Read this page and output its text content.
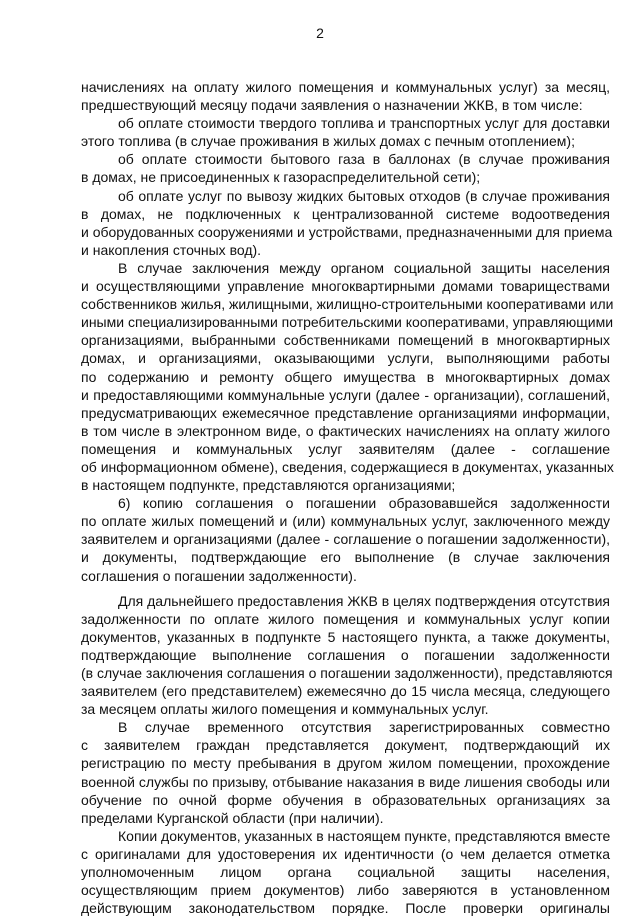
2
начислениях на оплату жилого помещения и коммунальных услуг) за месяц,
предшествующий месяцу подачи заявления о назначении ЖКВ, в том числе:
об оплате стоимости твердого топлива и транспортных услуг для доставки
этого топлива (в случае проживания в жилых домах с печным отоплением);
об оплате стоимости бытового газа в баллонах (в случае проживания
в домах, не присоединенных к газораспределительной сети);
об оплате услуг по вывозу жидких бытовых отходов (в случае проживания
в домах, не подключенных к централизованной системе водоотведения
и оборудованных сооружениями и устройствами, предназначенными для приема
и накопления сточных вод).
В случае заключения между органом социальной защиты населения
и осуществляющими управление многоквартирными домами товариществами
собственников жилья, жилищными, жилищно-строительными кооперативами или
иными специализированными потребительскими кооперативами, управляющими
организациями, выбранными собственниками помещений в многоквартирных
домах, и организациями, оказывающими услуги, выполняющими работы
по содержанию и ремонту общего имущества в многоквартирных домах
и предоставляющими коммунальные услуги (далее - организации), соглашений,
предусматривающих ежемесячное представление организациями информации,
в том числе в электронном виде, о фактических начислениях на оплату жилого
помещения и коммунальных услуг заявителям (далее - соглашение
об информационном обмене), сведения, содержащиеся в документах, указанных
в настоящем подпункте, представляются организациями;
6) копию соглашения о погашении образовавшейся задолженности
по оплате жилых помещений и (или) коммунальных услуг, заключенного между
заявителем и организациями (далее - соглашение о погашении задолженности),
и документы, подтверждающие его выполнение (в случае заключения
соглашения о погашении задолженности).
Для дальнейшего предоставления ЖКВ в целях подтверждения отсутствия
задолженности по оплате жилого помещения и коммунальных услуг копии
документов, указанных в подпункте 5 настоящего пункта, а также документы,
подтверждающие выполнение соглашения о погашении задолженности
(в случае заключения соглашения о погашении задолженности), представляются
заявителем (его представителем) ежемесячно до 15 числа месяца, следующего
за месяцем оплаты жилого помещения и коммунальных услуг.
В случае временного отсутствия зарегистрированных совместно
с заявителем граждан представляется документ, подтверждающий их
регистрацию по месту пребывания в другом жилом помещении, прохождение
военной службы по призыву, отбывание наказания в виде лишения свободы или
обучение по очной форме обучения в образовательных организациях за
пределами Курганской области (при наличии).
Копии документов, указанных в настоящем пункте, представляются вместе
с оригиналами для удостоверения их идентичности (о чем делается отметка
уполномоченным лицом органа социальной защиты населения,
осуществляющим прием документов) либо заверяются в установленном
действующим законодательством порядке. После проверки оригиналы
